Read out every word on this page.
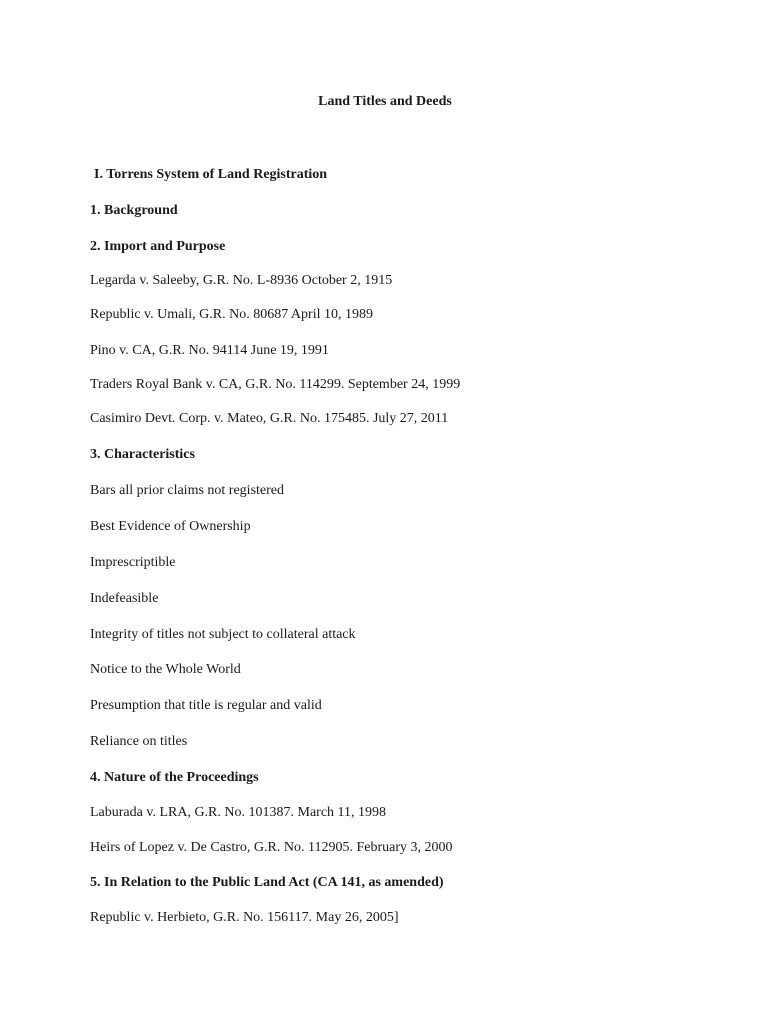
Land Titles and Deeds
I. Torrens System of Land Registration
1. Background
2. Import and Purpose
Legarda v. Saleeby, G.R. No. L-8936 October 2, 1915
Republic v. Umali, G.R. No. 80687 April 10, 1989
Pino v. CA, G.R. No. 94114 June 19, 1991
Traders Royal Bank v. CA, G.R. No. 114299. September 24, 1999
Casimiro Devt. Corp. v. Mateo, G.R. No. 175485. July 27, 2011
3. Characteristics
Bars all prior claims not registered
Best Evidence of Ownership
Imprescriptible
Indefeasible
Integrity of titles not subject to collateral attack
Notice to the Whole World
Presumption that title is regular and valid
Reliance on titles
4. Nature of the Proceedings
Laburada v. LRA, G.R. No. 101387. March 11, 1998
Heirs of Lopez v. De Castro, G.R. No. 112905. February 3, 2000
5. In Relation to the Public Land Act (CA 141, as amended)
Republic v. Herbieto, G.R. No. 156117. May 26, 2005]
